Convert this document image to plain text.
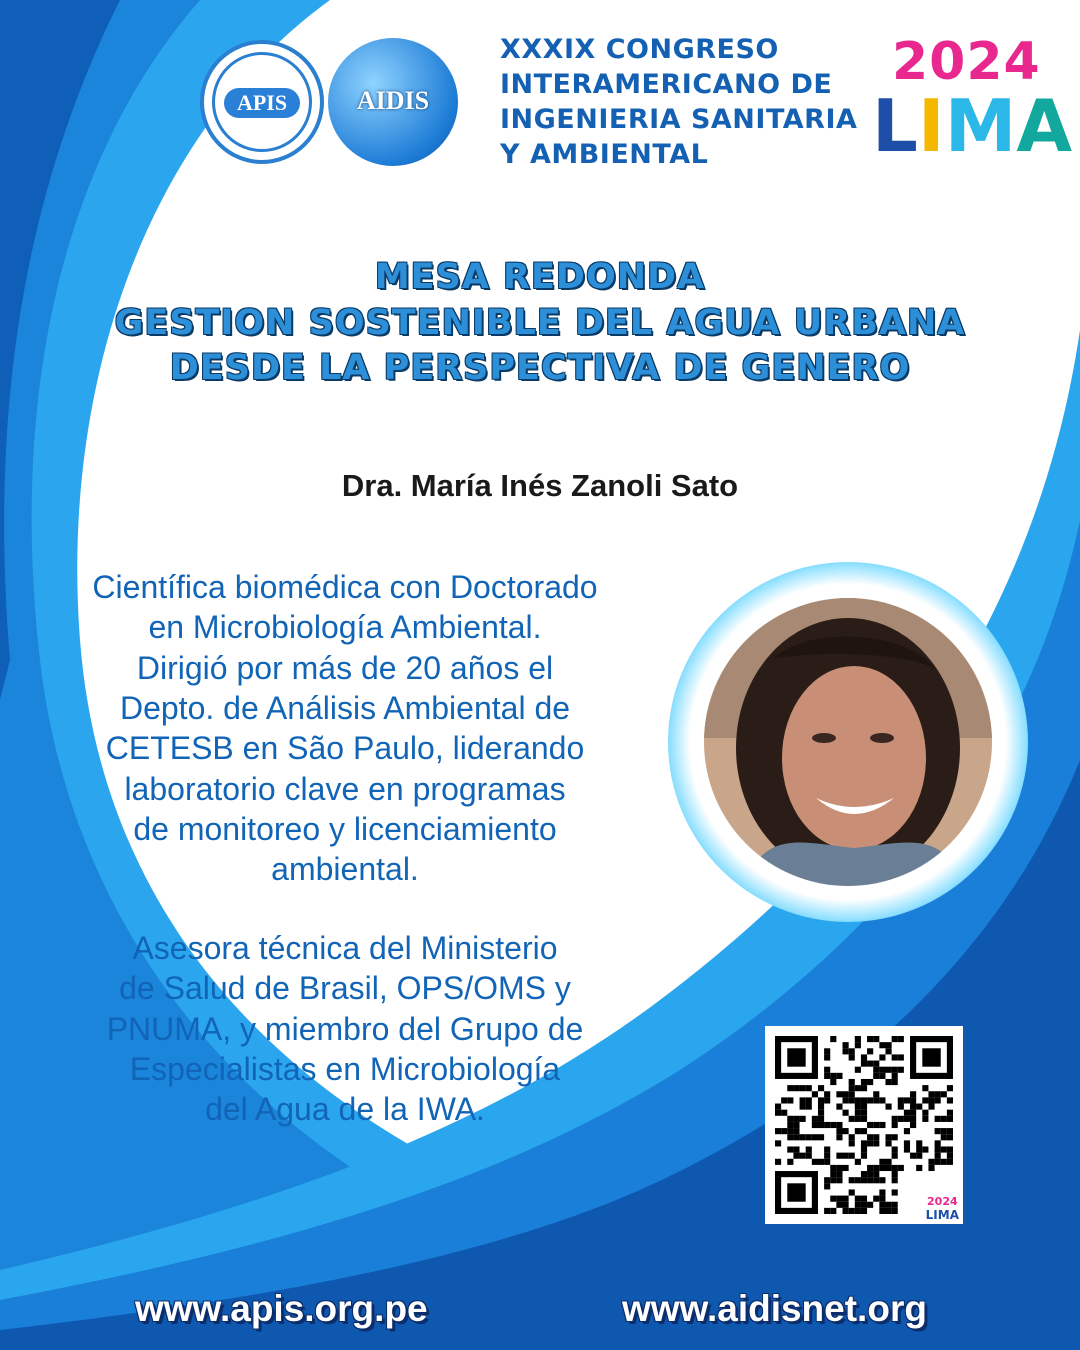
APIS	AIDIS
XXXIX CONGRESO
INTERAMERICANO DE
INGENIERIA SANITARIA
Y AMBIENTAL
2024
LIMA
MESA REDONDA
GESTION SOSTENIBLE DEL AGUA URBANA
DESDE LA PERSPECTIVA DE GENERO
Dra. María Inés Zanoli Sato
Científica biomédica con Doctorado
en Microbiología Ambiental.
Dirigió por más de 20 años el
Depto. de Análisis Ambiental de
CETESB en São Paulo, liderando
laboratorio clave en programas
de monitoreo y licenciamiento
ambiental.
Asesora técnica del Ministerio
de Salud de Brasil, OPS/OMS y
PNUMA, y miembro del Grupo de
Especialistas en Microbiología
del Agua de la IWA.
2024
LIMA
www.apis.org.pe	www.aidisnet.org
